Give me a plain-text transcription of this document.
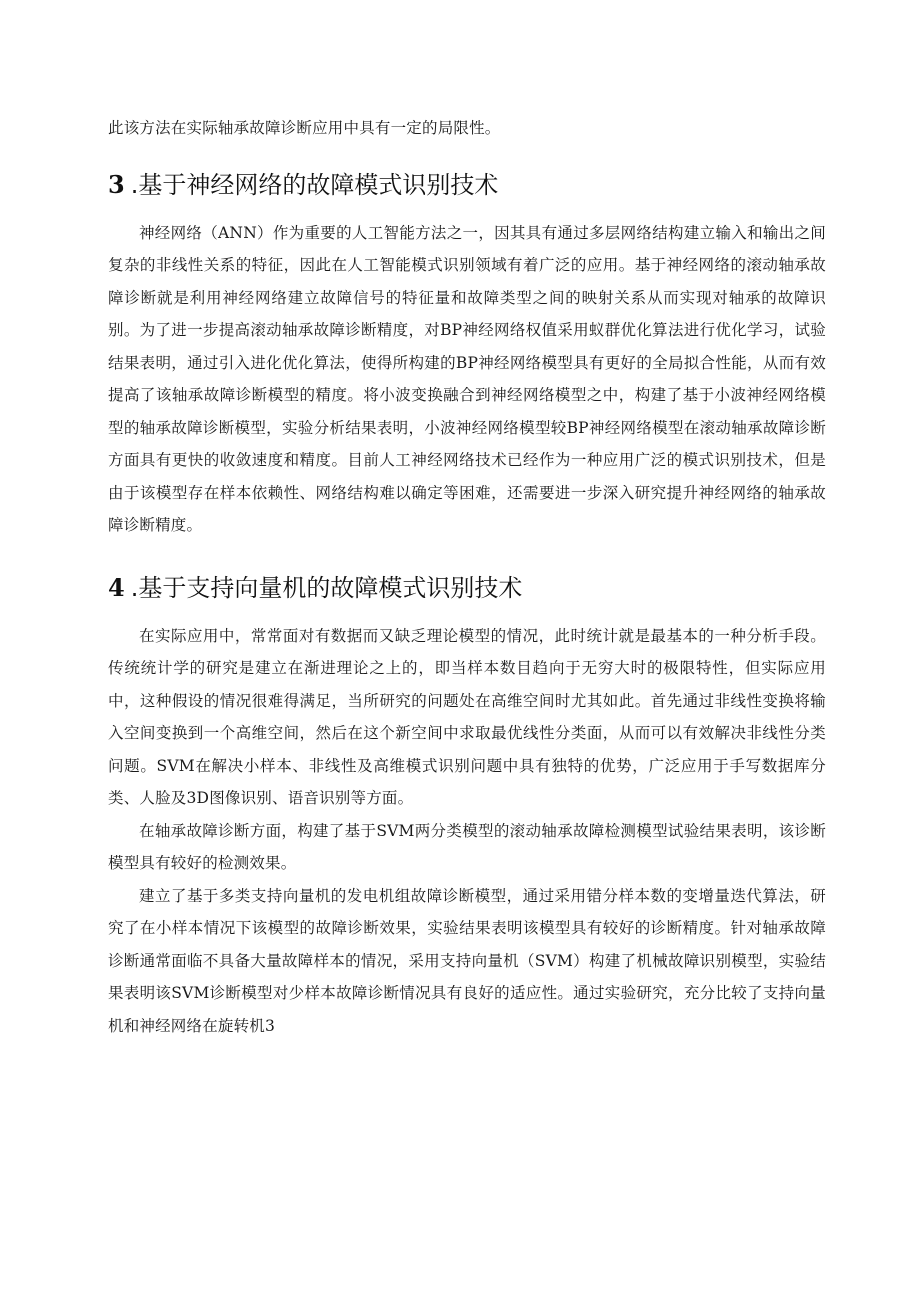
此该方法在实际轴承故障诊断应用中具有一定的局限性。

3 .基于神经网络的故障模式识别技术

神经网络（ANN）作为重要的人工智能方法之一，因其具有通过多层网络结构建立输入和输出之间复杂的非线性关系的特征，因此在人工智能模式识别领域有着广泛的应用。基于神经网络的滚动轴承故障诊断就是利用神经网络建立故障信号的特征量和故障类型之间的映射关系从而实现对轴承的故障识别。为了进一步提高滚动轴承故障诊断精度，对BP神经网络权值采用蚁群优化算法进行优化学习，试验结果表明，通过引入进化优化算法，使得所构建的BP神经网络模型具有更好的全局拟合性能，从而有效提高了该轴承故障诊断模型的精度。将小波变换融合到神经网络模型之中，构建了基于小波神经网络模型的轴承故障诊断模型，实验分析结果表明，小波神经网络模型较BP神经网络模型在滚动轴承故障诊断方面具有更快的收敛速度和精度。目前人工神经网络技术已经作为一种应用广泛的模式识别技术，但是由于该模型存在样本依赖性、网络结构难以确定等困难，还需要进一步深入研究提升神经网络的轴承故障诊断精度。

4 .基于支持向量机的故障模式识别技术

在实际应用中，常常面对有数据而又缺乏理论模型的情况，此时统计就是最基本的一种分析手段。传统统计学的研究是建立在渐进理论之上的，即当样本数目趋向于无穷大时的极限特性，但实际应用中，这种假设的情况很难得满足，当所研究的问题处在高维空间时尤其如此。首先通过非线性变换将输入空间变换到一个高维空间，然后在这个新空间中求取最优线性分类面，从而可以有效解决非线性分类问题。SVM在解决小样本、非线性及高维模式识别问题中具有独特的优势，广泛应用于手写数据库分类、人脸及3D图像识别、语音识别等方面。

在轴承故障诊断方面，构建了基于SVM两分类模型的滚动轴承故障检测模型试验结果表明，该诊断模型具有较好的检测效果。

建立了基于多类支持向量机的发电机组故障诊断模型，通过采用错分样本数的变增量迭代算法，研究了在小样本情况下该模型的故障诊断效果，实验结果表明该模型具有较好的诊断精度。针对轴承故障诊断通常面临不具备大量故障样本的情况，采用支持向量机（SVM）构建了机械故障识别模型，实验结果表明该SVM诊断模型对少样本故障诊断情况具有良好的适应性。通过实验研究，充分比较了支持向量机和神经网络在旋转机3
